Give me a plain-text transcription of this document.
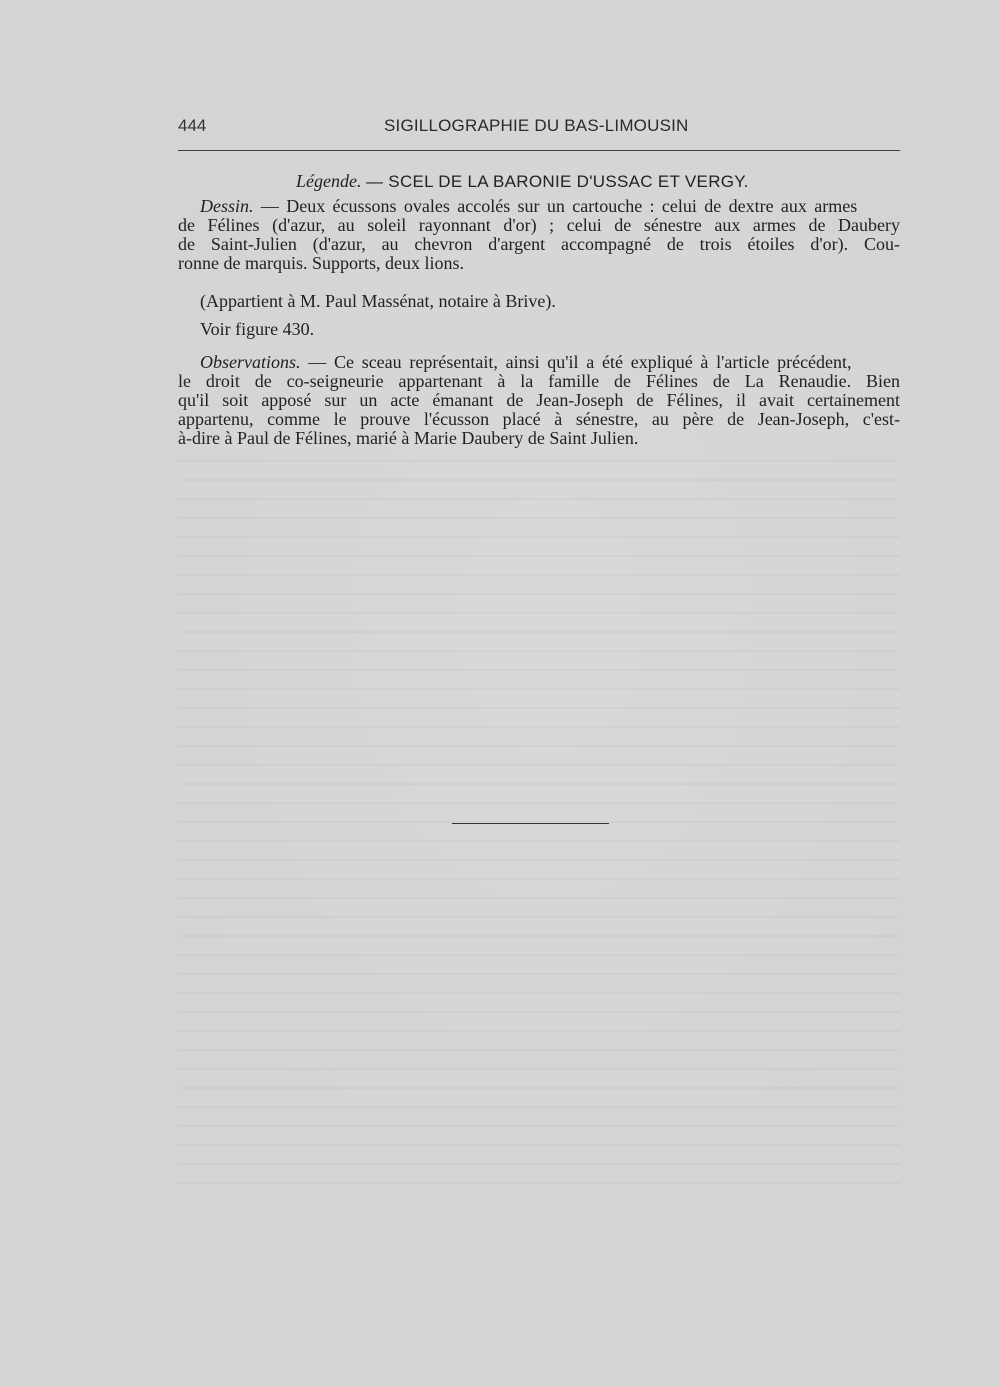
444	SIGILLOGRAPHIE DU BAS-LIMOUSIN
Légende. — SCEL DE LA BARONIE D'USSAC ET VERGY.
Dessin. — Deux écussons ovales accolés sur un cartouche : celui de dextre aux armes
de Félines (d'azur, au soleil rayonnant d'or) ; celui de sénestre aux armes de Daubery
de Saint-Julien (d'azur, au chevron d'argent accompagné de trois étoiles d'or). Cou-
ronne de marquis. Supports, deux lions.
(Appartient à M. Paul Massénat, notaire à Brive).
Voir figure 430.
Observations. — Ce sceau représentait, ainsi qu'il a été expliqué à l'article précédent,
le droit de co-seigneurie appartenant à la famille de Félines de La Renaudie. Bien
qu'il soit apposé sur un acte émanant de Jean-Joseph de Félines, il avait certainement
appartenu, comme le prouve l'écusson placé à sénestre, au père de Jean-Joseph, c'est-
à-dire à Paul de Félines, marié à Marie Daubery de Saint Julien.
